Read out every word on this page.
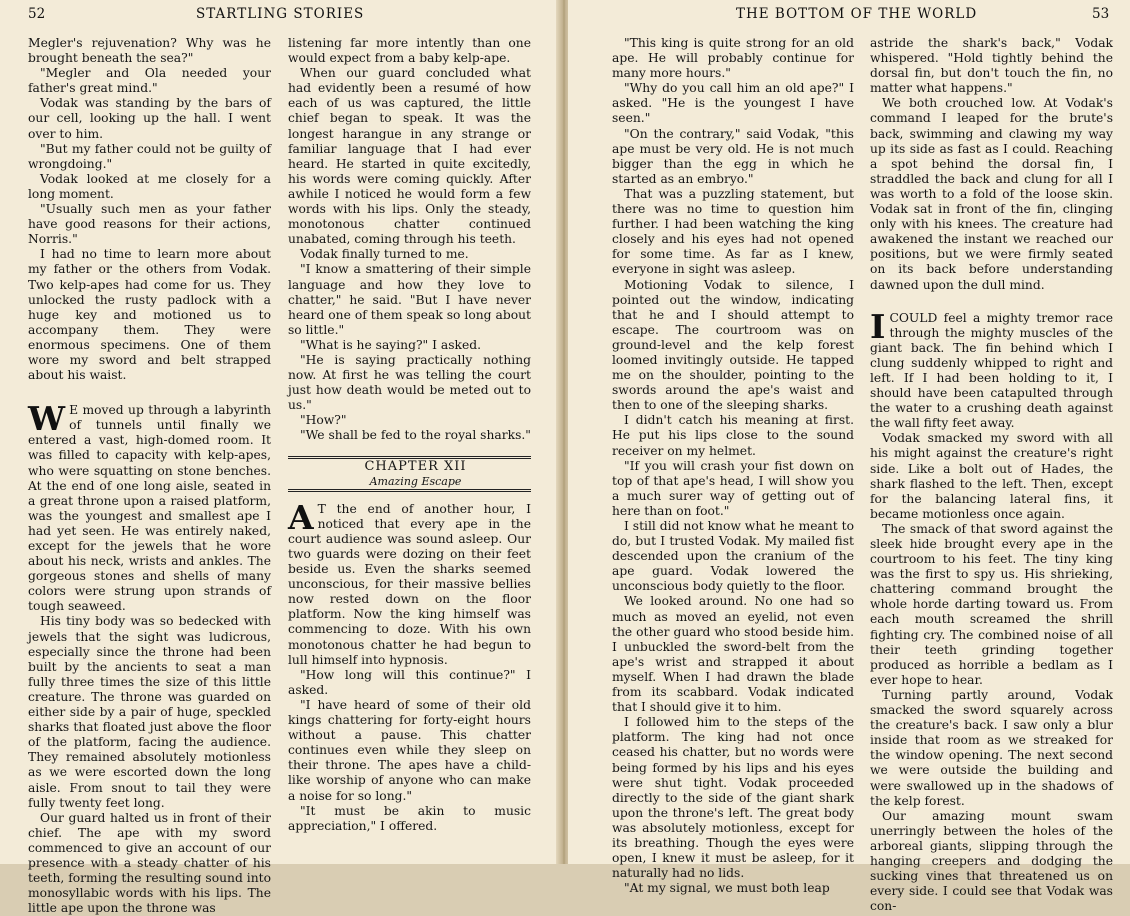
52	STARTLING STORIES

Megler's rejuvenation? Why was he brought beneath the sea?"

"Megler and Ola needed your father's great mind."

Vodak was standing by the bars of our cell, looking up the hall. I went over to him.

"But my father could not be guilty of wrongdoing."

Vodak looked at me closely for a long moment.

"Usually such men as your father have good reasons for their actions, Norris."

I had no time to learn more about my father or the others from Vodak. Two kelp-apes had come for us. They unlocked the rusty padlock with a huge key and motioned us to accompany them. They were enormous specimens. One of them wore my sword and belt strapped about his waist.

W E moved up through a labyrinth of tunnels until finally we entered a vast, high-domed room. It was filled to capacity with kelp-apes, who were squatting on stone benches. At the end of one long aisle, seated in a great throne upon a raised platform, was the youngest and smallest ape I had yet seen. He was entirely naked, except for the jewels that he wore about his neck, wrists and ankles. The gorgeous stones and shells of many colors were strung upon strands of tough seaweed.

His tiny body was so bedecked with jewels that the sight was ludicrous, especially since the throne had been built by the ancients to seat a man fully three times the size of this little creature. The throne was guarded on either side by a pair of huge, speckled sharks that floated just above the floor of the platform, facing the audience. They remained absolutely motionless as we were escorted down the long aisle. From snout to tail they were fully twenty feet long.

Our guard halted us in front of their chief. The ape with my sword commenced to give an account of our presence with a steady chatter of his teeth, forming the resulting sound into monosyllabic words with his lips. The little ape upon the throne was

listening far more intently than one would expect from a baby kelp-ape.

When our guard concluded what had evidently been a resumé of how each of us was captured, the little chief began to speak. It was the longest harangue in any strange or familiar language that I had ever heard. He started in quite excitedly, his words were coming quickly. After awhile I noticed he would form a few words with his lips. Only the steady, monotonous chatter continued unabated, coming through his teeth.

Vodak finally turned to me.

"I know a smattering of their simple language and how they love to chatter," he said. "But I have never heard one of them speak so long about so little."

"What is he saying?" I asked.

"He is saying practically nothing now. At first he was telling the court just how death would be meted out to us."

"How?"

"We shall be fed to the royal sharks."

CHAPTER XII

Amazing Escape

A T the end of another hour, I noticed that every ape in the court audience was sound asleep. Our two guards were dozing on their feet beside us. Even the sharks seemed unconscious, for their massive bellies now rested down on the floor platform. Now the king himself was commencing to doze. With his own monotonous chatter he had begun to lull himself into hypnosis.

"How long will this continue?" I asked.

"I have heard of some of their old kings chattering for forty-eight hours without a pause. This chatter continues even while they sleep on their throne. The apes have a child-like worship of anyone who can make a noise for so long."

"It must be akin to music appreciation," I offered.

THE BOTTOM OF THE WORLD	53

"This king is quite strong for an old ape. He will probably continue for many more hours."

"Why do you call him an old ape?" I asked. "He is the youngest I have seen."

"On the contrary," said Vodak, "this ape must be very old. He is not much bigger than the egg in which he started as an embryo."

That was a puzzling statement, but there was no time to question him further. I had been watching the king closely and his eyes had not opened for some time. As far as I knew, everyone in sight was asleep.

Motioning Vodak to silence, I pointed out the window, indicating that he and I should attempt to escape. The courtroom was on ground-level and the kelp forest loomed invitingly outside. He tapped me on the shoulder, pointing to the swords around the ape's waist and then to one of the sleeping sharks.

I didn't catch his meaning at first. He put his lips close to the sound receiver on my helmet.

"If you will crash your fist down on top of that ape's head, I will show you a much surer way of getting out of here than on foot."

I still did not know what he meant to do, but I trusted Vodak. My mailed fist descended upon the cranium of the ape guard. Vodak lowered the unconscious body quietly to the floor.

We looked around. No one had so much as moved an eyelid, not even the other guard who stood beside him. I unbuckled the sword-belt from the ape's wrist and strapped it about myself. When I had drawn the blade from its scabbard. Vodak indicated that I should give it to him.

I followed him to the steps of the platform. The king had not once ceased his chatter, but no words were being formed by his lips and his eyes were shut tight. Vodak proceeded directly to the side of the giant shark upon the throne's left. The great body was absolutely motionless, except for its breathing. Though the eyes were open, I knew it must be asleep, for it naturally had no lids.

"At my signal, we must both leap

astride the shark's back," Vodak whispered. "Hold tightly behind the dorsal fin, but don't touch the fin, no matter what happens."

We both crouched low. At Vodak's command I leaped for the brute's back, swimming and clawing my way up its side as fast as I could. Reaching a spot behind the dorsal fin, I straddled the back and clung for all I was worth to a fold of the loose skin. Vodak sat in front of the fin, clinging only with his knees. The creature had awakened the instant we reached our positions, but we were firmly seated on its back before understanding dawned upon the dull mind.

ICOULD feel a mighty tremor race through the mighty muscles of the giant back. The fin behind which I clung suddenly whipped to right and left. If I had been holding to it, I should have been catapulted through the water to a crushing death against the wall fifty feet away.

Vodak smacked my sword with all his might against the creature's right side. Like a bolt out of Hades, the shark flashed to the left. Then, except for the balancing lateral fins, it became motionless once again.

The smack of that sword against the sleek hide brought every ape in the courtroom to his feet. The tiny king was the first to spy us. His shrieking, chattering command brought the whole horde darting toward us. From each mouth screamed the shrill fighting cry. The combined noise of all their teeth grinding together produced as horrible a bedlam as I ever hope to hear.

Turning partly around, Vodak smacked the sword squarely across the creature's back. I saw only a blur inside that room as we streaked for the window opening. The next second we were outside the building and were swallowed up in the shadows of the kelp forest.

Our amazing mount swam unerringly between the holes of the arboreal giants, slipping through the hanging creepers and dodging the sucking vines that threatened us on every side. I could see that Vodak was con-
